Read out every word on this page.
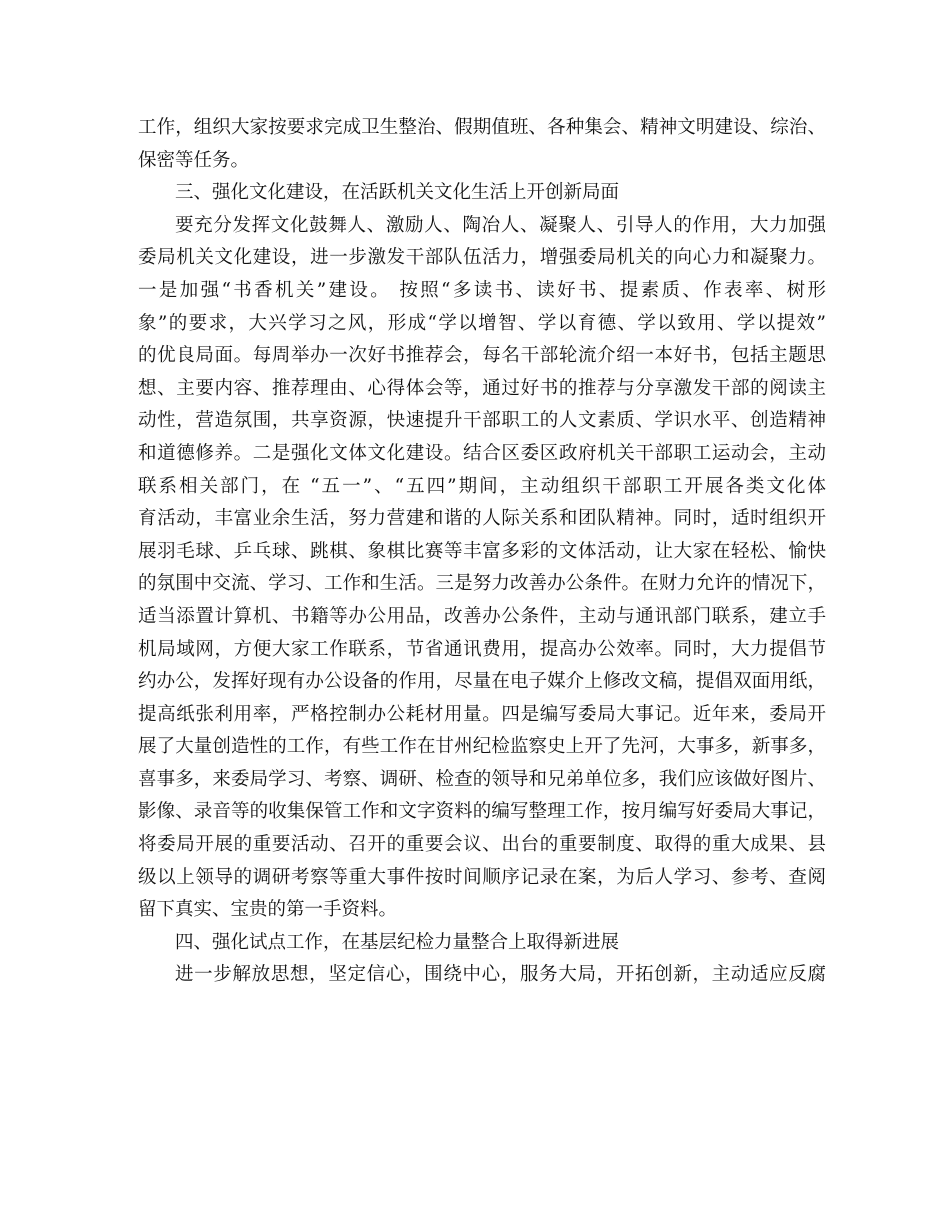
工作，组织大家按要求完成卫生整治、假期值班、各种集会、精神文明建设、综治、
保密等任务。
三、强化文化建设，在活跃机关文化生活上开创新局面
要充分发挥文化鼓舞人、激励人、陶冶人、凝聚人、引导人的作用，大力加强
委局机关文化建设，进一步激发干部队伍活力，增强委局机关的向心力和凝聚力。
一是加强“书香机关”建设。 按照“多读书、读好书、提素质、作表率、树形
象”的要求，大兴学习之风，形成“学以增智、学以育德、学以致用、学以提效”
的优良局面。每周举办一次好书推荐会，每名干部轮流介绍一本好书，包括主题思
想、主要内容、推荐理由、心得体会等，通过好书的推荐与分享激发干部的阅读主
动性，营造氛围，共享资源，快速提升干部职工的人文素质、学识水平、创造精神
和道德修养。二是强化文体文化建设。结合区委区政府机关干部职工运动会，主动
联系相关部门，在 “五一”、“五四”期间，主动组织干部职工开展各类文化体
育活动，丰富业余生活，努力营建和谐的人际关系和团队精神。同时，适时组织开
展羽毛球、乒乓球、跳棋、象棋比赛等丰富多彩的文体活动，让大家在轻松、愉快
的氛围中交流、学习、工作和生活。三是努力改善办公条件。在财力允许的情况下，
适当添置计算机、书籍等办公用品，改善办公条件，主动与通讯部门联系，建立手
机局域网，方便大家工作联系，节省通讯费用，提高办公效率。同时，大力提倡节
约办公，发挥好现有办公设备的作用，尽量在电子媒介上修改文稿，提倡双面用纸，
提高纸张利用率，严格控制办公耗材用量。四是编写委局大事记。近年来，委局开
展了大量创造性的工作，有些工作在甘州纪检监察史上开了先河，大事多，新事多，
喜事多，来委局学习、考察、调研、检查的领导和兄弟单位多，我们应该做好图片、
影像、录音等的收集保管工作和文字资料的编写整理工作，按月编写好委局大事记，
将委局开展的重要活动、召开的重要会议、出台的重要制度、取得的重大成果、县
级以上领导的调研考察等重大事件按时间顺序记录在案，为后人学习、参考、查阅
留下真实、宝贵的第一手资料。
四、强化试点工作，在基层纪检力量整合上取得新进展
进一步解放思想，坚定信心，围绕中心，服务大局，开拓创新，主动适应反腐
